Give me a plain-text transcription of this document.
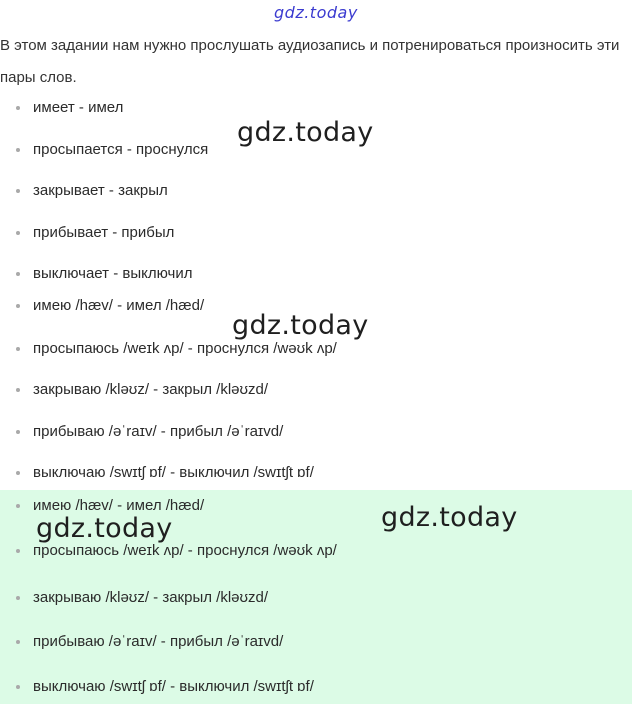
gdz.today
В этом задании нам нужно прослушать аудиозапись и потренироваться произносить эти пары слов.
имеет - имел
просыпается - проснулся
закрывает - закрыл
прибывает - прибыл
выключает - выключил
имею /hæv/ - имел /hæd/
просыпаюсь /weɪk ʌp/ - проснулся /wəʊk ʌp/
закрываю /kləʊz/ - закрыл /kləʊzd/
прибываю /əˈraɪv/ - прибыл /əˈraɪvd/
выключаю /swɪtʃ ɒf/ - выключил /swɪtʃt ɒf/
имею /hæv/ - имел /hæd/
просыпаюсь /weɪk ʌp/ - проснулся /wəʊk ʌp/
закрываю /kləʊz/ - закрыл /kləʊzd/
прибываю /əˈraɪv/ - прибыл /əˈraɪvd/
выключаю /swɪtʃ ɒf/ - выключил /swɪtʃt ɒf/
gdz.today
gdz.today
gdz.today	gdz.today
